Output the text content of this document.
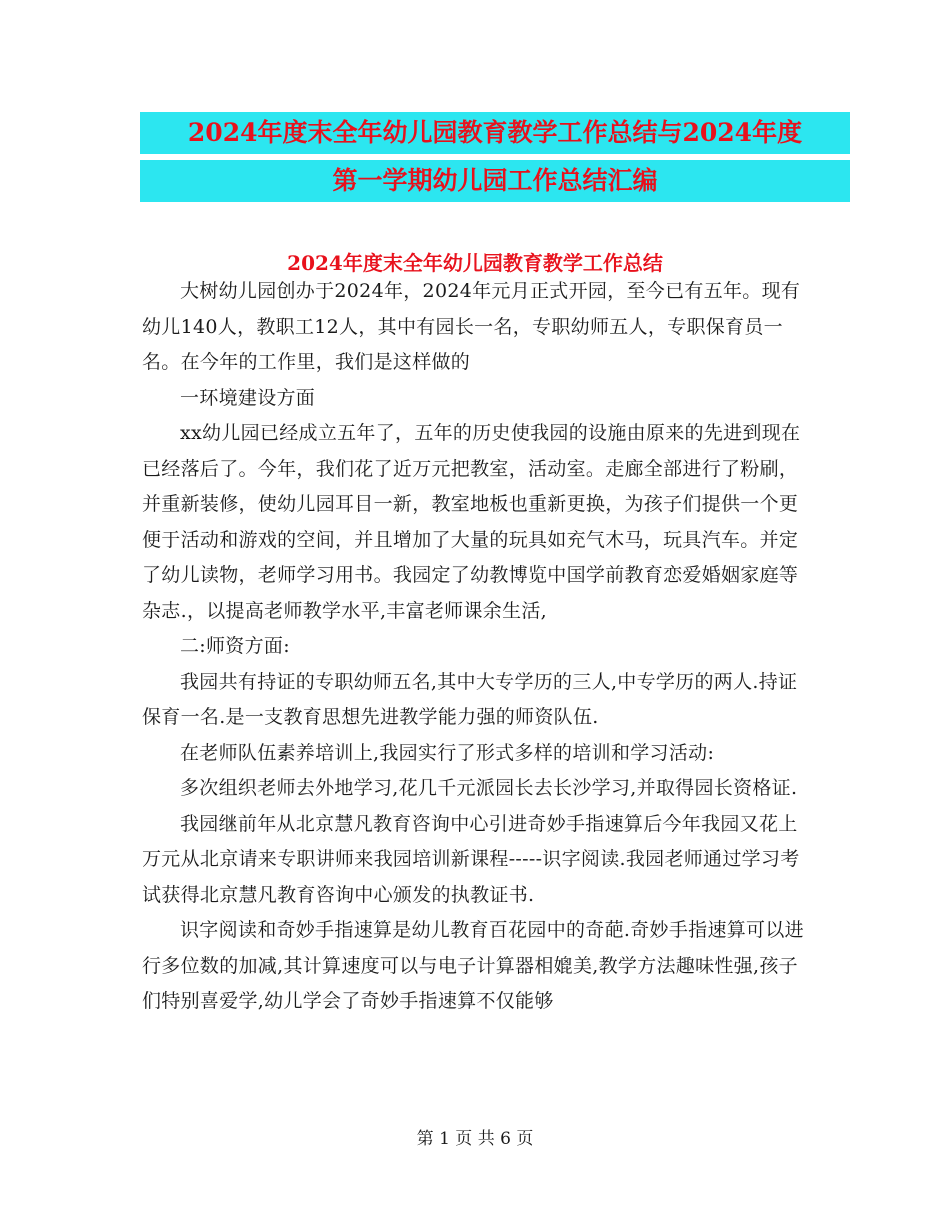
2024年度末全年幼儿园教育教学工作总结与2024年度
第一学期幼儿园工作总结汇编
2024年度末全年幼儿园教育教学工作总结

大树幼儿园创办于2024年，2024年元月正式开园，至今已有五年。现有幼儿140人，教职工12人，其中有园长一名，专职幼师五人，专职保育员一名。在今年的工作里，我们是这样做的

一环境建设方面

xx幼儿园已经成立五年了，五年的历史使我园的设施由原来的先进到现在已经落后了。今年，我们花了近万元把教室，活动室。走廊全部进行了粉刷，并重新装修，使幼儿园耳目一新，教室地板也重新更换，为孩子们提供一个更便于活动和游戏的空间，并且增加了大量的玩具如充气木马，玩具汽车。并定了幼儿读物，老师学习用书。我园定了幼教博览中国学前教育恋爱婚姻家庭等杂志.，以提高老师教学水平,丰富老师课余生活,

二:师资方面:

我园共有持证的专职幼师五名,其中大专学历的三人,中专学历的两人.持证保育一名.是一支教育思想先进教学能力强的师资队伍.

在老师队伍素养培训上,我园实行了形式多样的培训和学习活动:

多次组织老师去外地学习,花几千元派园长去长沙学习,并取得园长资格证.

我园继前年从北京慧凡教育咨询中心引进奇妙手指速算后今年我园又花上万元从北京请来专职讲师来我园培训新课程-----识字阅读.我园老师通过学习考试获得北京慧凡教育咨询中心颁发的执教证书.

识字阅读和奇妙手指速算是幼儿教育百花园中的奇葩.奇妙手指速算可以进行多位数的加减,其计算速度可以与电子计算器相媲美,教学方法趣味性强,孩子们特别喜爱学,幼儿学会了奇妙手指速算不仅能够

第 1 页 共 6 页
